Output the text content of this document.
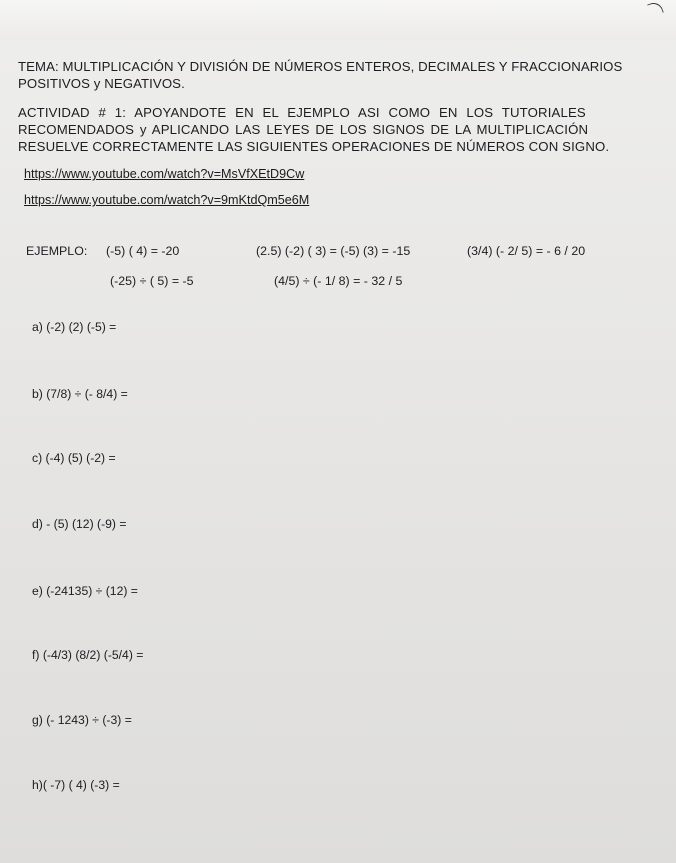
TEMA: MULTIPLICACIÓN Y DIVISIÓN DE NÚMEROS ENTEROS, DECIMALES Y FRACCIONARIOS
POSITIVOS y NEGATIVOS.
ACTIVIDAD # 1: APOYANDOTE EN EL EJEMPLO ASI COMO EN LOS TUTORIALES
RECOMENDADOS y APLICANDO LAS LEYES DE LOS SIGNOS DE LA MULTIPLICACIÓN
RESUELVE CORRECTAMENTE LAS SIGUIENTES OPERACIONES DE NÚMEROS CON SIGNO.
https://www.youtube.com/watch?v=MsVfXEtD9Cw
https://www.youtube.com/watch?v=9mKtdQm5e6M
EJEMPLO: (-5) ( 4) = -20	(2.5) (-2) ( 3) = (-5) (3) = -15	(3/4) (- 2/ 5) = - 6 / 20
(-25) ÷ ( 5) = -5	(4/5) ÷ (- 1/ 8) = - 32 / 5
a) (-2) (2) (-5) =
b) (7/8) ÷ (- 8/4) =
c) (-4) (5) (-2) =
d) - (5) (12) (-9) =
e) (-24135) ÷ (12) =
f) (-4/3) (8/2) (-5/4) =
g) (- 1243) ÷ (-3) =
h)( -7) ( 4) (-3) =
